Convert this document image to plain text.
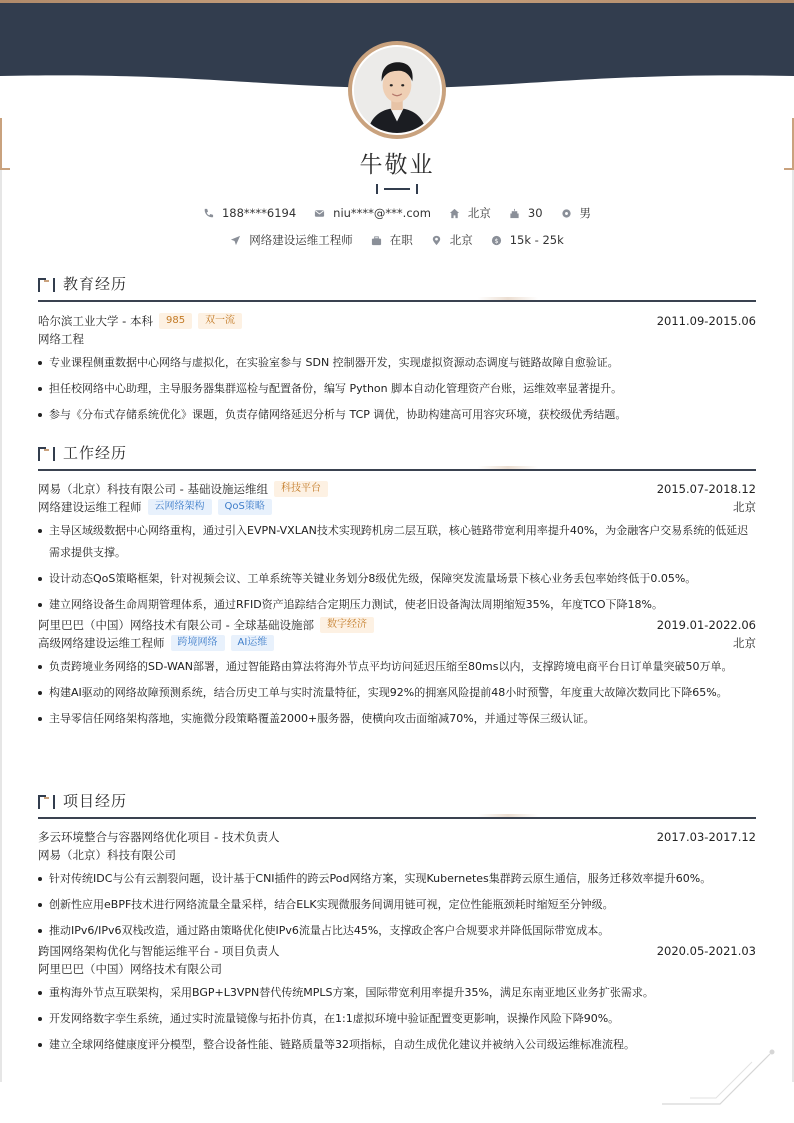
牛敬业
188****6194	niu****@***.com	北京	30	男
网络建设运维工程师	在职	北京	$ 15k - 25k
教育经历
哈尔滨工业大学 - 本科	985	双一流	2011.09-2015.06
网络工程
专业课程侧重数据中心网络与虚拟化，在实验室参与 SDN 控制器开发，实现虚拟资源动态调度与链路故障自愈验证。
担任校网络中心助理，主导服务器集群巡检与配置备份，编写 Python 脚本自动化管理资产台账，运维效率显著提升。
参与《分布式存储系统优化》课题，负责存储网络延迟分析与 TCP 调优，协助构建高可用容灾环境，获校级优秀结题。
工作经历
网易（北京）科技有限公司 - 基础设施运维组	科技平台	2015.07-2018.12
网络建设运维工程师	云网络架构	QoS策略	北京
主导区域级数据中心网络重构，通过引入EVPN-VXLAN技术实现跨机房二层互联，核心链路带宽利用率提升40%，为金融客户交易系统的低延迟需求提供支撑。
设计动态QoS策略框架，针对视频会议、工单系统等关键业务划分8级优先级，保障突发流量场景下核心业务丢包率始终低于0.05%。
建立网络设备生命周期管理体系，通过RFID资产追踪结合定期压力测试，使老旧设备淘汰周期缩短35%，年度TCO下降18%。
阿里巴巴（中国）网络技术有限公司 - 全球基础设施部	数字经济	2019.01-2022.06
高级网络建设运维工程师	跨境网络	AI运维	北京
负责跨境业务网络的SD-WAN部署，通过智能路由算法将海外节点平均访问延迟压缩至80ms以内，支撑跨境电商平台日订单量突破50万单。
构建AI驱动的网络故障预测系统，结合历史工单与实时流量特征，实现92%的拥塞风险提前48小时预警，年度重大故障次数同比下降65%。
主导零信任网络架构落地，实施微分段策略覆盖2000+服务器，使横向攻击面缩减70%，并通过等保三级认证。
项目经历
多云环境整合与容器网络优化项目 - 技术负责人	2017.03-2017.12
网易（北京）科技有限公司
针对传统IDC与公有云割裂问题，设计基于CNI插件的跨云Pod网络方案，实现Kubernetes集群跨云原生通信，服务迁移效率提升60%。
创新性应用eBPF技术进行网络流量全量采样，结合ELK实现微服务间调用链可视，定位性能瓶颈耗时缩短至分钟级。
推动IPv6/IPv6双栈改造，通过路由策略优化使IPv6流量占比达45%，支撑政企客户合规要求并降低国际带宽成本。
跨国网络架构优化与智能运维平台 - 项目负责人	2020.05-2021.03
阿里巴巴（中国）网络技术有限公司
重构海外节点互联架构，采用BGP+L3VPN替代传统MPLS方案，国际带宽利用率提升35%，满足东南亚地区业务扩张需求。
开发网络数字孪生系统，通过实时流量镜像与拓扑仿真，在1:1虚拟环境中验证配置变更影响，误操作风险下降90%。
建立全球网络健康度评分模型，整合设备性能、链路质量等32项指标，自动生成优化建议并被纳入公司级运维标准流程。
